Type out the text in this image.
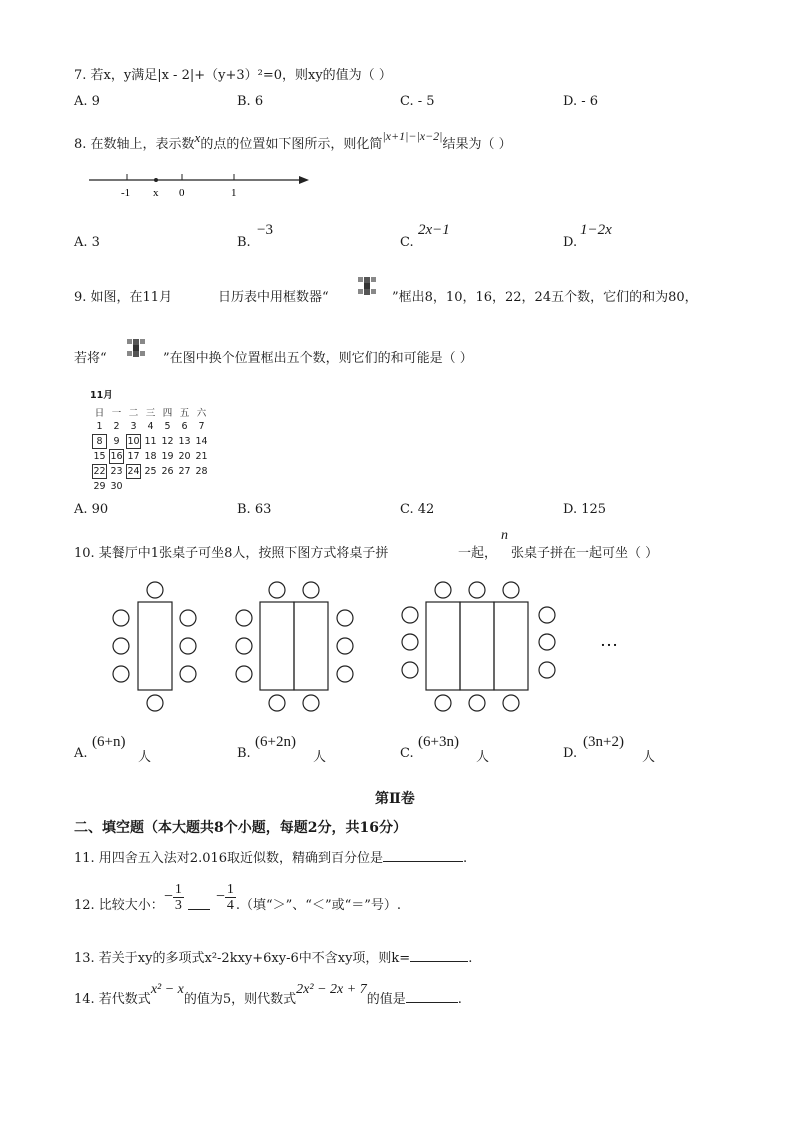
7. 若x，y满足|x - 2|+（y+3）²=0，则xy的值为（ ）
A. 9	B. 6	C. - 5	D. - 6
8. 在数轴上，表示数x的点的位置如下图所示，则化简|x+1|−|x−2|结果为（ ）
-1 x 0	1
A. 3	B.
−3
C.
2x−1
D.
1−2x
9. 如图，在11月	日历表中用框数器“	”框出8，10，16，22，24五个数，它们的和为80，
若将“	”在图中换个位置框出五个数，则它们的和可能是（ ）
11月
日	一	二	三	四	五	六
1	2	3	4	5	6	7
8	9	10	11	12	13	14
15	16	17	18	19	20	21
22	23	24	25	26	27	28
29	30					
A. 90	B. 63	C. 42	D. 125
10. 某餐厅中1张桌子可坐8人，按照下图方式将桌子拼	一起，
n
张桌子拼在一起可坐（ ）
…
A.
(6+n)
人	B.
(6+2n)
人	C.
(6+3n)
人	D.
(3n+2)
人
第Ⅱ卷
二、填空题（本大题共8个小题，每题2分，共16分）
11. 用四舍五入法对2.016取近似数，精确到百分位是	.
12. 比较大小： − $\frac{1}{3} - \frac{1}{4}$ .（填“＞”、“＜”或“＝”号）.
13. 若关于xy的多项式x²-2kxy+6xy-6中不含xy项，则k=	.
14. 若代数式x² − x的值为5，则代数式2x² − 2x + 7的值是	.
